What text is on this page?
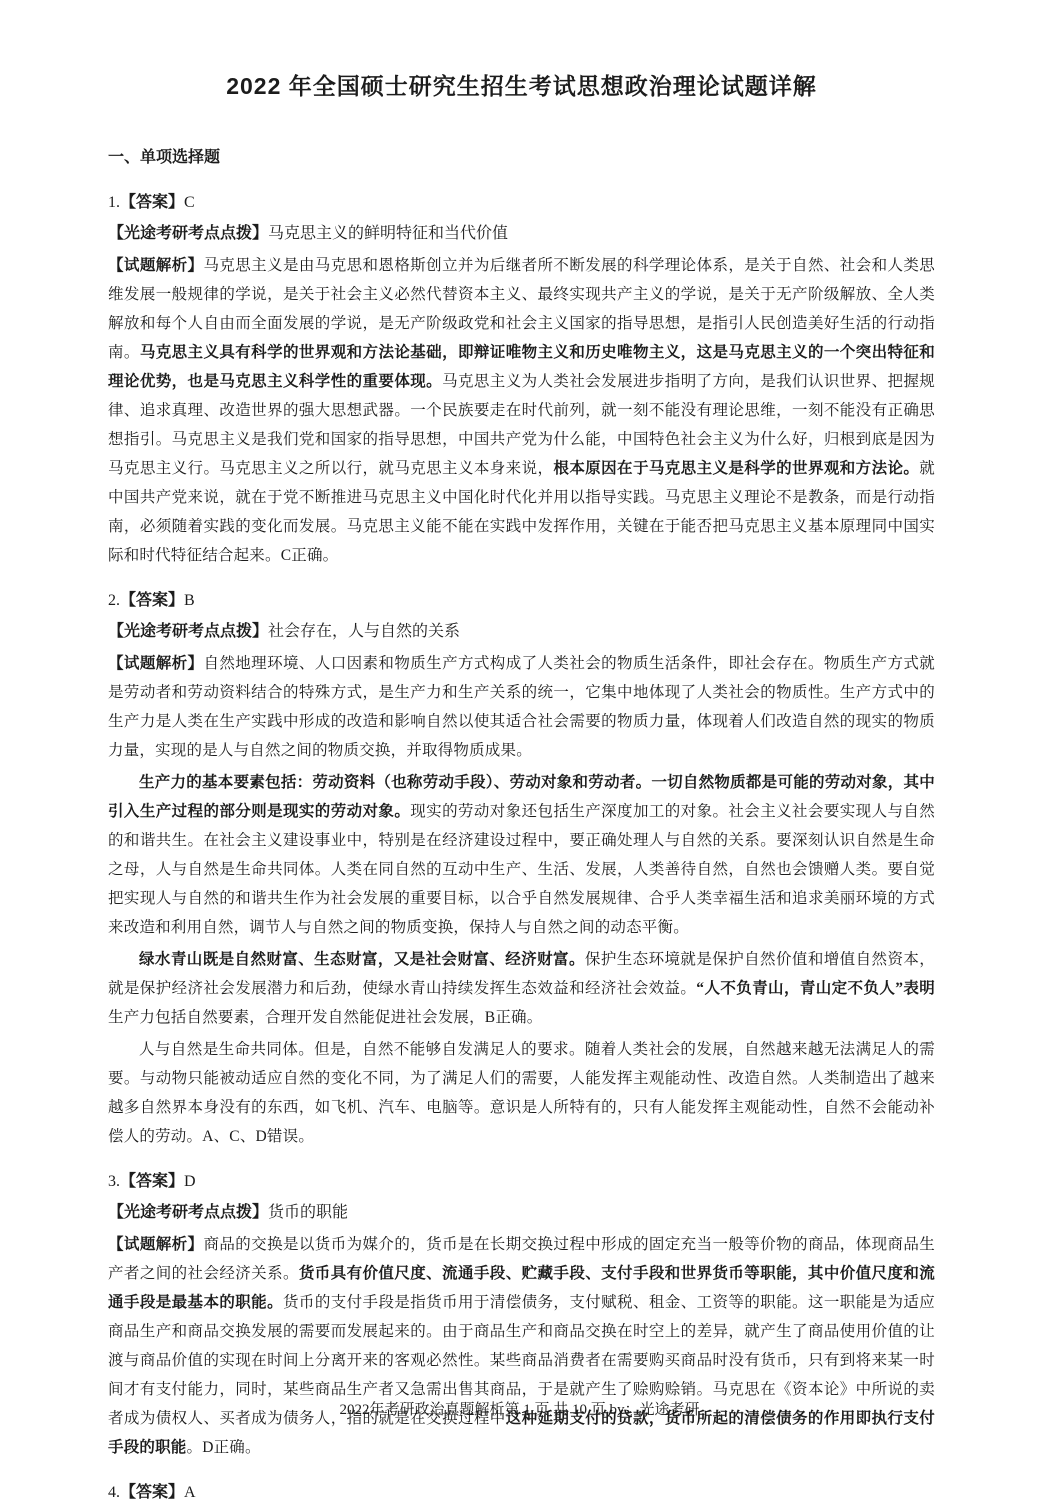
2022 年全国硕士研究生招生考试思想政治理论试题详解
一、单项选择题
1.【答案】C
【光途考研考点点拨】马克思主义的鲜明特征和当代价值

【试题解析】马克思主义是由马克思和恩格斯创立并为后继者所不断发展的科学理论体系，是关于自然、社会和人类思维发展一般规律的学说，是关于社会主义必然代替资本主义、最终实现共产主义的学说，是关于无产阶级解放、全人类解放和每个人自由而全面发展的学说，是无产阶级政党和社会主义国家的指导思想，是指引人民创造美好生活的行动指南。马克思主义具有科学的世界观和方法论基础，即辩证唯物主义和历史唯物主义，这是马克思主义的一个突出特征和理论优势，也是马克思主义科学性的重要体现。马克思主义为人类社会发展进步指明了方向，是我们认识世界、把握规律、追求真理、改造世界的强大思想武器。一个民族要走在时代前列，就一刻不能没有理论思维，一刻不能没有正确思想指引。马克思主义是我们党和国家的指导思想，中国共产党为什么能，中国特色社会主义为什么好，归根到底是因为马克思主义行。马克思主义之所以行，就马克思主义本身来说，根本原因在于马克思主义是科学的世界观和方法论。就中国共产党来说，就在于党不断推进马克思主义中国化时代化并用以指导实践。马克思主义理论不是教条，而是行动指南，必须随着实践的变化而发展。马克思主义能不能在实践中发挥作用，关键在于能否把马克思主义基本原理同中国实际和时代特征结合起来。C正确。

2.【答案】B
【光途考研考点点拨】社会存在，人与自然的关系

【试题解析】自然地理环境、人口因素和物质生产方式构成了人类社会的物质生活条件，即社会存在。物质生产方式就是劳动者和劳动资料结合的特殊方式，是生产力和生产关系的统一，它集中地体现了人类社会的物质性。生产方式中的生产力是人类在生产实践中形成的改造和影响自然以使其适合社会需要的物质力量，体现着人们改造自然的现实的物质力量，实现的是人与自然之间的物质交换，并取得物质成果。

生产力的基本要素包括：劳动资料（也称劳动手段）、劳动对象和劳动者。一切自然物质都是可能的劳动对象，其中引入生产过程的部分则是现实的劳动对象。现实的劳动对象还包括生产深度加工的对象。社会主义社会要实现人与自然的和谐共生。在社会主义建设事业中，特别是在经济建设过程中，要正确处理人与自然的关系。要深刻认识自然是生命之母，人与自然是生命共同体。人类在同自然的互动中生产、生活、发展，人类善待自然，自然也会馈赠人类。要自觉把实现人与自然的和谐共生作为社会发展的重要目标，以合乎自然发展规律、合乎人类幸福生活和追求美丽环境的方式来改造和利用自然，调节人与自然之间的物质变换，保持人与自然之间的动态平衡。

绿水青山既是自然财富、生态财富，又是社会财富、经济财富。保护生态环境就是保护自然价值和增值自然资本，就是保护经济社会发展潜力和后劲，使绿水青山持续发挥生态效益和经济社会效益。“人不负青山，青山定不负人”表明生产力包括自然要素，合理开发自然能促进社会发展，B正确。

人与自然是生命共同体。但是，自然不能够自发满足人的要求。随着人类社会的发展，自然越来越无法满足人的需要。与动物只能被动适应自然的变化不同，为了满足人们的需要，人能发挥主观能动性、改造自然。人类制造出了越来越多自然界本身没有的东西，如飞机、汽车、电脑等。意识是人所特有的，只有人能发挥主观能动性，自然不会能动补偿人的劳动。A、C、D错误。

3.【答案】D
【光途考研考点点拨】货币的职能

【试题解析】商品的交换是以货币为媒介的，货币是在长期交换过程中形成的固定充当一般等价物的商品，体现商品生产者之间的社会经济关系。货币具有价值尺度、流通手段、贮藏手段、支付手段和世界货币等职能，其中价值尺度和流通手段是最基本的职能。货币的支付手段是指货币用于清偿债务，支付赋税、租金、工资等的职能。这一职能是为适应商品生产和商品交换发展的需要而发展起来的。由于商品生产和商品交换在时空上的差异，就产生了商品使用价值的让渡与商品价值的实现在时间上分离开来的客观必然性。某些商品消费者在需要购买商品时没有货币，只有到将来某一时间才有支付能力，同时，某些商品生产者又急需出售其商品，于是就产生了赊购赊销。马克思在《资本论》中所说的卖者成为债权人、买者成为债务人，指的就是在交换过程中这种延期支付的贷款，货币所起的清偿债务的作用即执行支付手段的职能。D正确。

4.【答案】A
2022年考研政治真题解析第 1 页 共 10 页 by：光途考研
